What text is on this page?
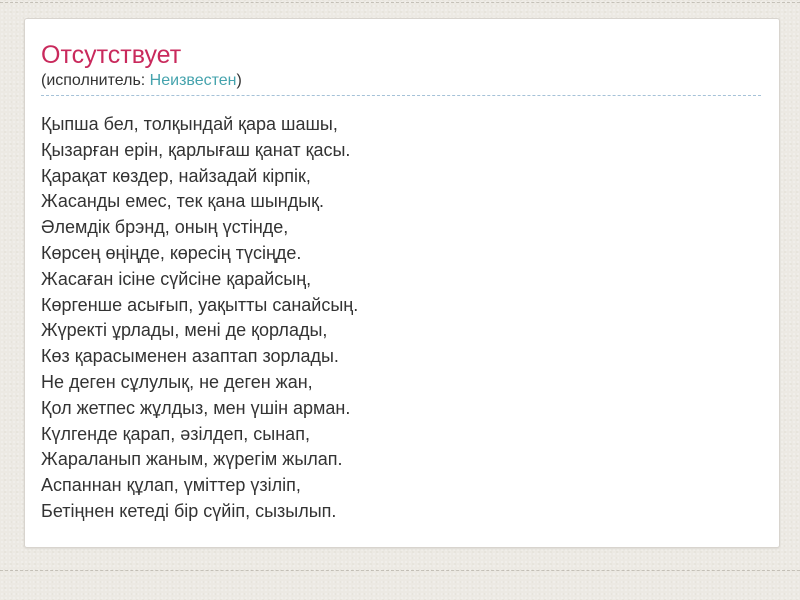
Отсутствует
(исполнитель: Неизвестен)
Қыпша бел, толқындай қара шашы,
Қызарған ерін, қарлығаш қанат қасы.
Қарақат көздер, найзадай кірпік,
Жасанды емес, тек қана шындық.
Әлемдік брэнд, оның үстінде,
Көрсең өңіңде, көресің түсіңде.
Жасаған ісіне сүйсіне қарайсың,
Көргенше асығып, уақытты санайсың.
Жүректі ұрлады, мені де қорлады,
Көз қарасыменен азаптап зорлады.
Не деген сұлулық, не деген жан,
Қол жетпес жұлдыз, мен үшін арман.
Күлгенде қарап, әзілдеп, сынап,
Жараланып жаным, жүрегім жылап.
Аспаннан құлап, үміттер үзіліп,
Бетіңнен кетеді бір сүйіп, сызылып.
